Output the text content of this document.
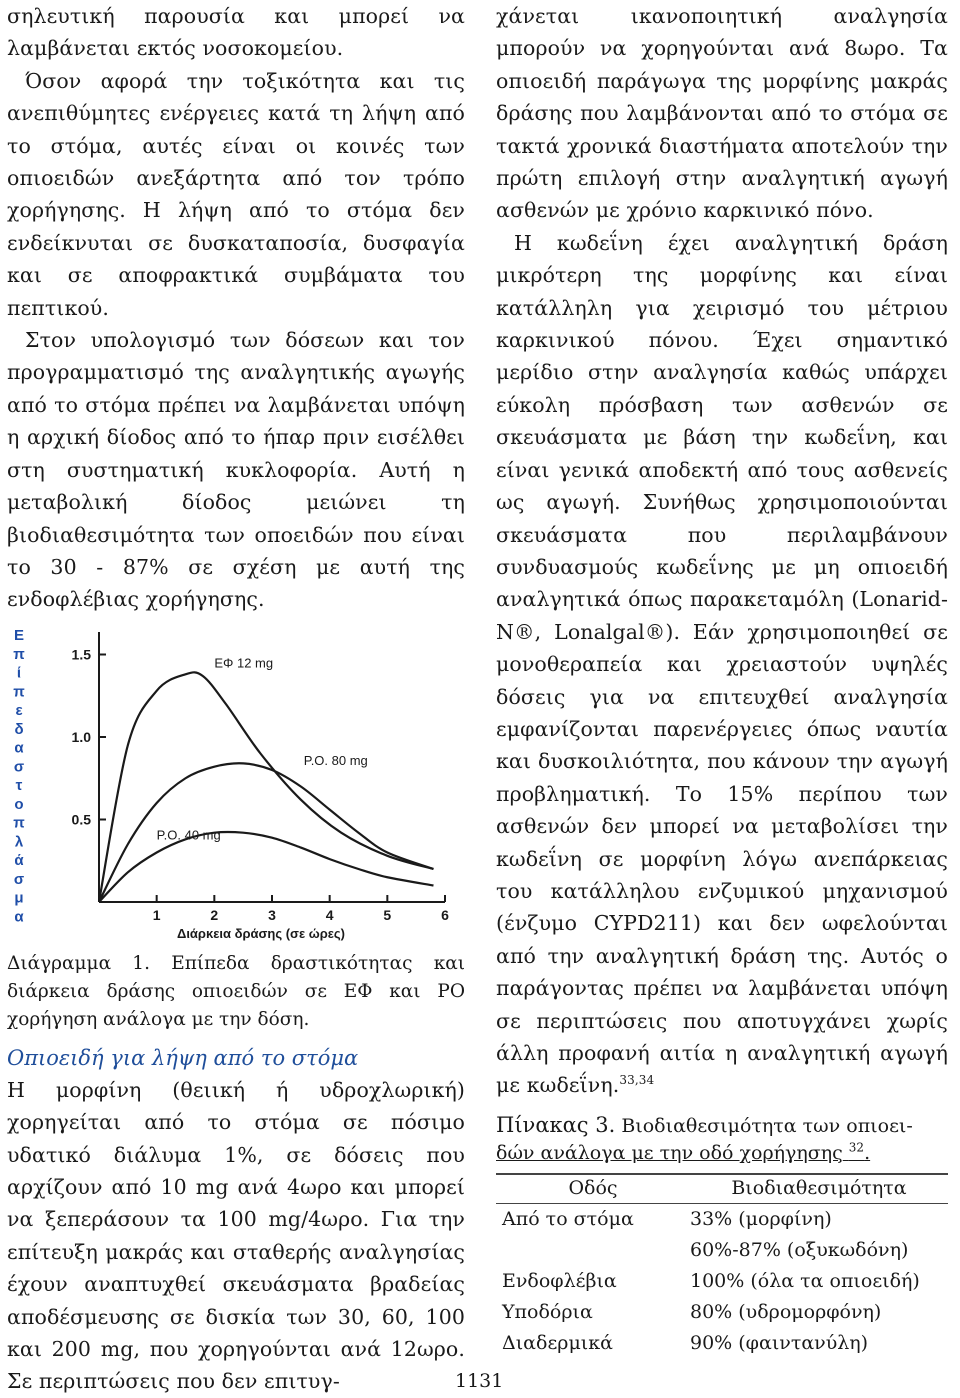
σηλευτική παρουσία και μπορεί να λαμβάνεται εκτός νοσοκομείου.

Όσον αφορά την τοξικότητα και τις ανεπιθύμητες ενέργειες κατά τη λήψη από το στόμα, αυτές είναι οι κοινές των οπιοειδών ανεξάρτητα από τον τρόπο χορήγησης. Η λήψη από το στόμα δεν ενδείκνυται σε δυσκαταποσία, δυσφαγία και σε αποφρακτικά συμβάματα του πεπτικού.

Στον υπολογισμό των δόσεων και τον προγραμματισμό της αναλγητικής αγωγής από το στόμα πρέπει να λαμβάνεται υπόψη η αρχική δίοδος από το ήπαρ πριν εισέλθει στη συστηματική κυκλοφορία. Αυτή η μεταβολική δίοδος μειώνει τη βιοδιαθεσιμότητα των οποειδών που είναι το 30 - 87% σε σχέση με αυτή της ενδοφλέβιας χορήγησης.

Ε
π
ί
π
ε
δ
α
σ
τ
ο
π
λ
ά
σ
μ
α	1	2	3	4	5	6
0.5
1.0
1.5
ΕΦ 12 mg
P.O. 80 mg
P.O. 40 mg
Διάρκεια δράσης (σε ώρες)

Διάγραμμα 1. Επίπεδα δραστικότητας και διάρκεια δράσης οπιοειδών σε ΕΦ και PO χορήγηση ανάλογα με την δόση.

Οπιοειδή για λήψη από το στόμα

Η μορφίνη (θειική ή υδροχλωρική) χορηγείται από το στόμα σε πόσιμο υδατικό διάλυμα 1%, σε δόσεις που αρχίζουν από 10 mg ανά 4ωρο και μπορεί να ξεπεράσουν τα 100 mg/4ωρο. Για την επίτευξη μακράς και σταθερής αναλγησίας έχουν αναπτυχθεί σκευάσματα βραδείας αποδέσμευσης σε δισκία των 30, 60, 100 και 200 mg, που χορηγούνται ανά 12ωρο. Σε περιπτώσεις που δεν επιτυγ-

χάνεται ικανοποιητική αναλγησία μπορούν να χορηγούνται ανά 8ωρο. Τα οπιοειδή παράγωγα της μορφίνης μακράς δράσης που λαμβάνονται από το στόμα σε τακτά χρονικά διαστήματα αποτελούν την πρώτη επιλογή στην αναλγητική αγωγή ασθενών με χρόνιο καρκινικό πόνο.

Η κωδεΐνη έχει αναλγητική δράση μικρότερη της μορφίνης και είναι κατάλληλη για χειρισμό του μέτριου καρκινικού πόνου. Έχει σημαντικό μερίδιο στην αναλγησία καθώς υπάρχει εύκολη πρόσβαση των ασθενών σε σκευάσματα με βάση την κωδεΐνη, και είναι γενικά αποδεκτή από τους ασθενείς ως αγωγή. Συνήθως χρησιμοποιούνται σκευάσματα που περιλαμβάνουν συνδυασμούς κωδεΐνης με μη οπιοειδή αναλγητικά όπως παρακεταμόλη (Lonarid-N®, Lonalgal®). Εάν χρησιμοποιηθεί σε μονοθεραπεία και χρειαστούν υψηλές δόσεις για να επιτευχθεί αναλγησία εμφανίζονται παρενέργειες όπως ναυτία και δυσκοιλιότητα, που κάνουν την αγωγή προβληματική. Το 15% περίπου των ασθενών δεν μπορεί να μεταβολίσει την κωδεΐνη σε μορφίνη λόγω ανεπάρκειας του κατάλληλου ενζυμικού μηχανισμού (ένζυμο CYPD211) και δεν ωφελούνται από την αναλγητική δράση της. Αυτός ο παράγοντας πρέπει να λαμβάνεται υπόψη σε περιπτώσεις που αποτυγχάνει χωρίς άλλη προφανή αιτία η αναλγητική αγωγή με κωδεΐνη.$^{33,34}$

Πίνακας 3. Βιοδιαθεσιμότητα των οπιοει-
δών ανάλογα με την οδό χορήγησης $^{32}$.
Οδός	Βιοδιαθεσιμότητα
Από το στόμα	33% (μορφίνη)
	60%-87% (οξυκωδόνη)
Ενδοφλέβια	100% (όλα τα οπιοειδή)
Υποδόρια	80% (υδρομορφόνη)
Διαδερμικά	90% (φαιντανύλη)
1131
